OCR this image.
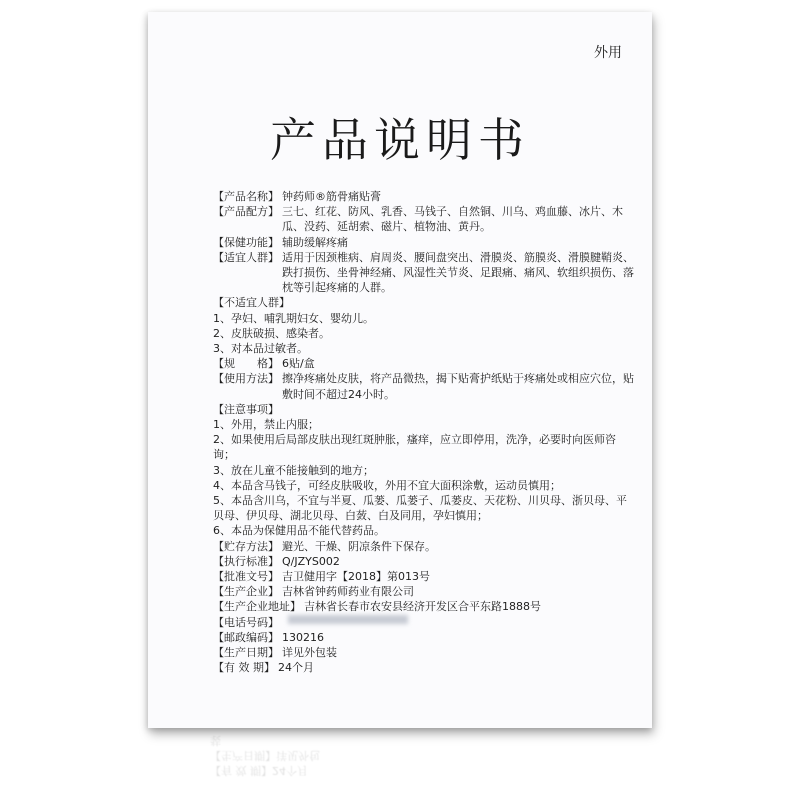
外用
产品说明书
【产品名称】 钟药师®筋骨痛贴膏
【产品配方】 三七、红花、防风、乳香、马钱子、自然铜、川乌、鸡血藤、冰片、木瓜、没药、延胡索、磁片、植物油、黄丹。
【保健功能】 辅助缓解疼痛
【适宜人群】 适用于因颈椎病、肩周炎、腰间盘突出、滑膜炎、筋膜炎、滑膜腱鞘炎、跌打损伤、坐骨神经痛、风湿性关节炎、足跟痛、痛风、软组织损伤、落枕等引起疼痛的人群。
【不适宜人群】
1、孕妇、哺乳期妇女、婴幼儿。
2、皮肤破损、感染者。
3、对本品过敏者。
【规　　格】 6贴/盒
【使用方法】 擦净疼痛处皮肤，将产品微热，揭下贴膏护纸贴于疼痛处或相应穴位，贴敷时间不超过24小时。
【注意事项】
1、外用，禁止内服；
2、如果使用后局部皮肤出现红斑肿胀，瘙痒，应立即停用，洗净，必要时向医师咨询；
3、放在儿童不能接触到的地方；
4、本品含马钱子，可经皮肤吸收，外用不宜大面积涂敷，运动员慎用；
5、本品含川乌，不宜与半夏、瓜蒌、瓜蒌子、瓜蒌皮、天花粉、川贝母、浙贝母、平贝母、伊贝母、湖北贝母、白蔹、白及同用，孕妇慎用；
6、本品为保健用品不能代替药品。
【贮存方法】 避光、干燥、阴凉条件下保存。
【执行标准】 Q/JZYS002
【批准文号】 吉卫健用字【2018】第013号
【生产企业】 吉林省钟药师药业有限公司
【生产企业地址】 吉林省长春市农安县经济开发区合平东路1888号
【电话号码】
【邮政编码】 130216
【生产日期】 详见外包装
【有 效 期】 24个月
【有 效 期】24个月
【生产日期】详见外包装
